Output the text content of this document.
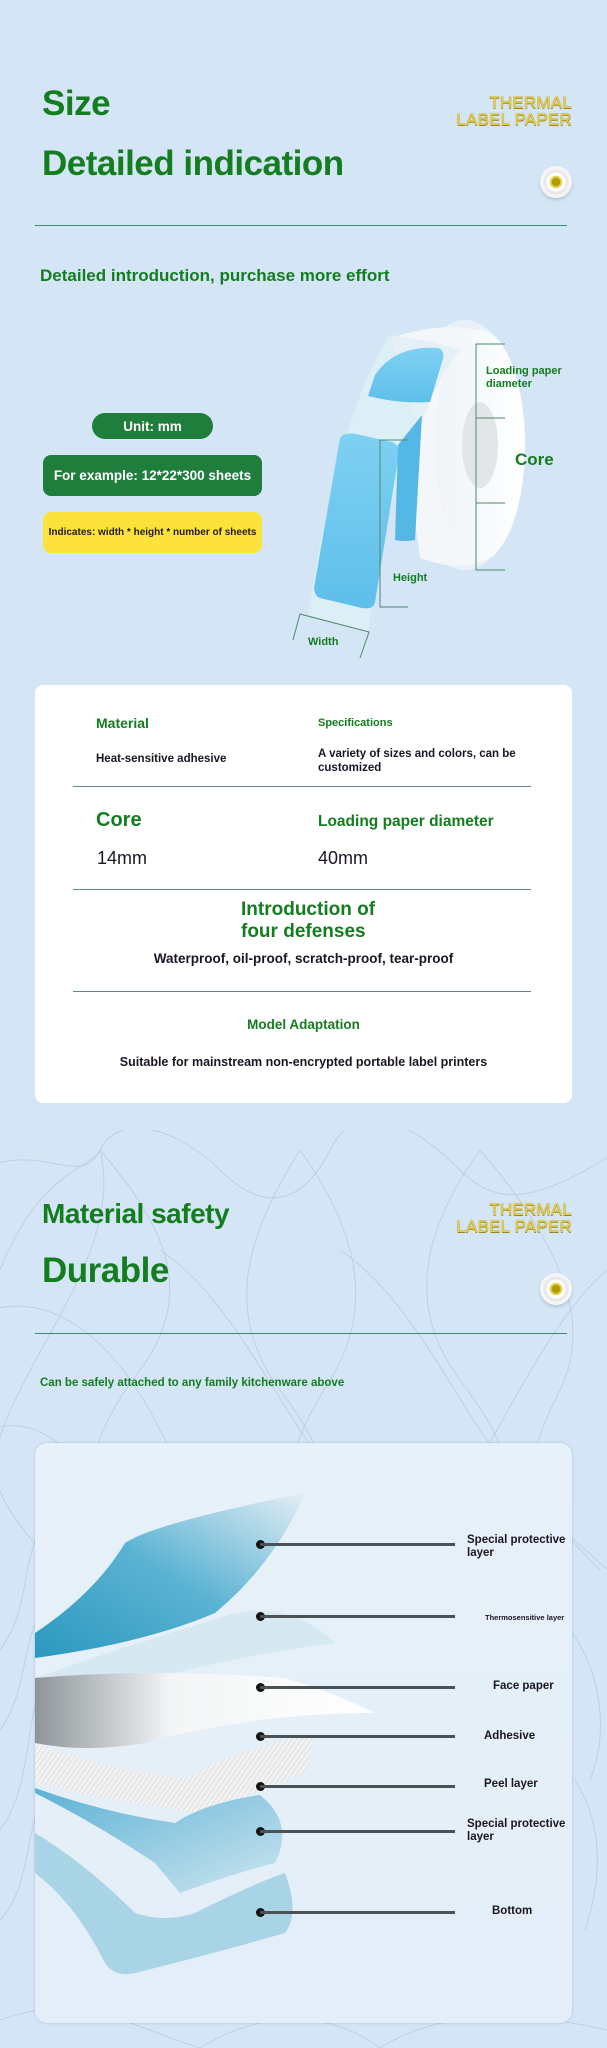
Size
Detailed indication
THERMAL
LABEL PAPER
Detailed introduction, purchase more effort
Unit: mm
For example: 12*22*300 sheets
Indicates: width * height * number of sheets
Loading paper diameter
Core
Height
Width
Material	Specifications
Heat-sensitive adhesive	A variety of sizes and colors, can be customized
Core	Loading paper diameter
14mm	40mm
Introduction of
four defenses
Waterproof, oil-proof, scratch-proof, tear-proof
Model Adaptation
Suitable for mainstream non-encrypted portable label printers
Material safety
Durable
THERMAL
LABEL PAPER
Can be safely attached to any family kitchenware above
Special protective layer
Thermosensitive layer
Face paper
Adhesive
Peel layer
Special protective layer
Bottom
